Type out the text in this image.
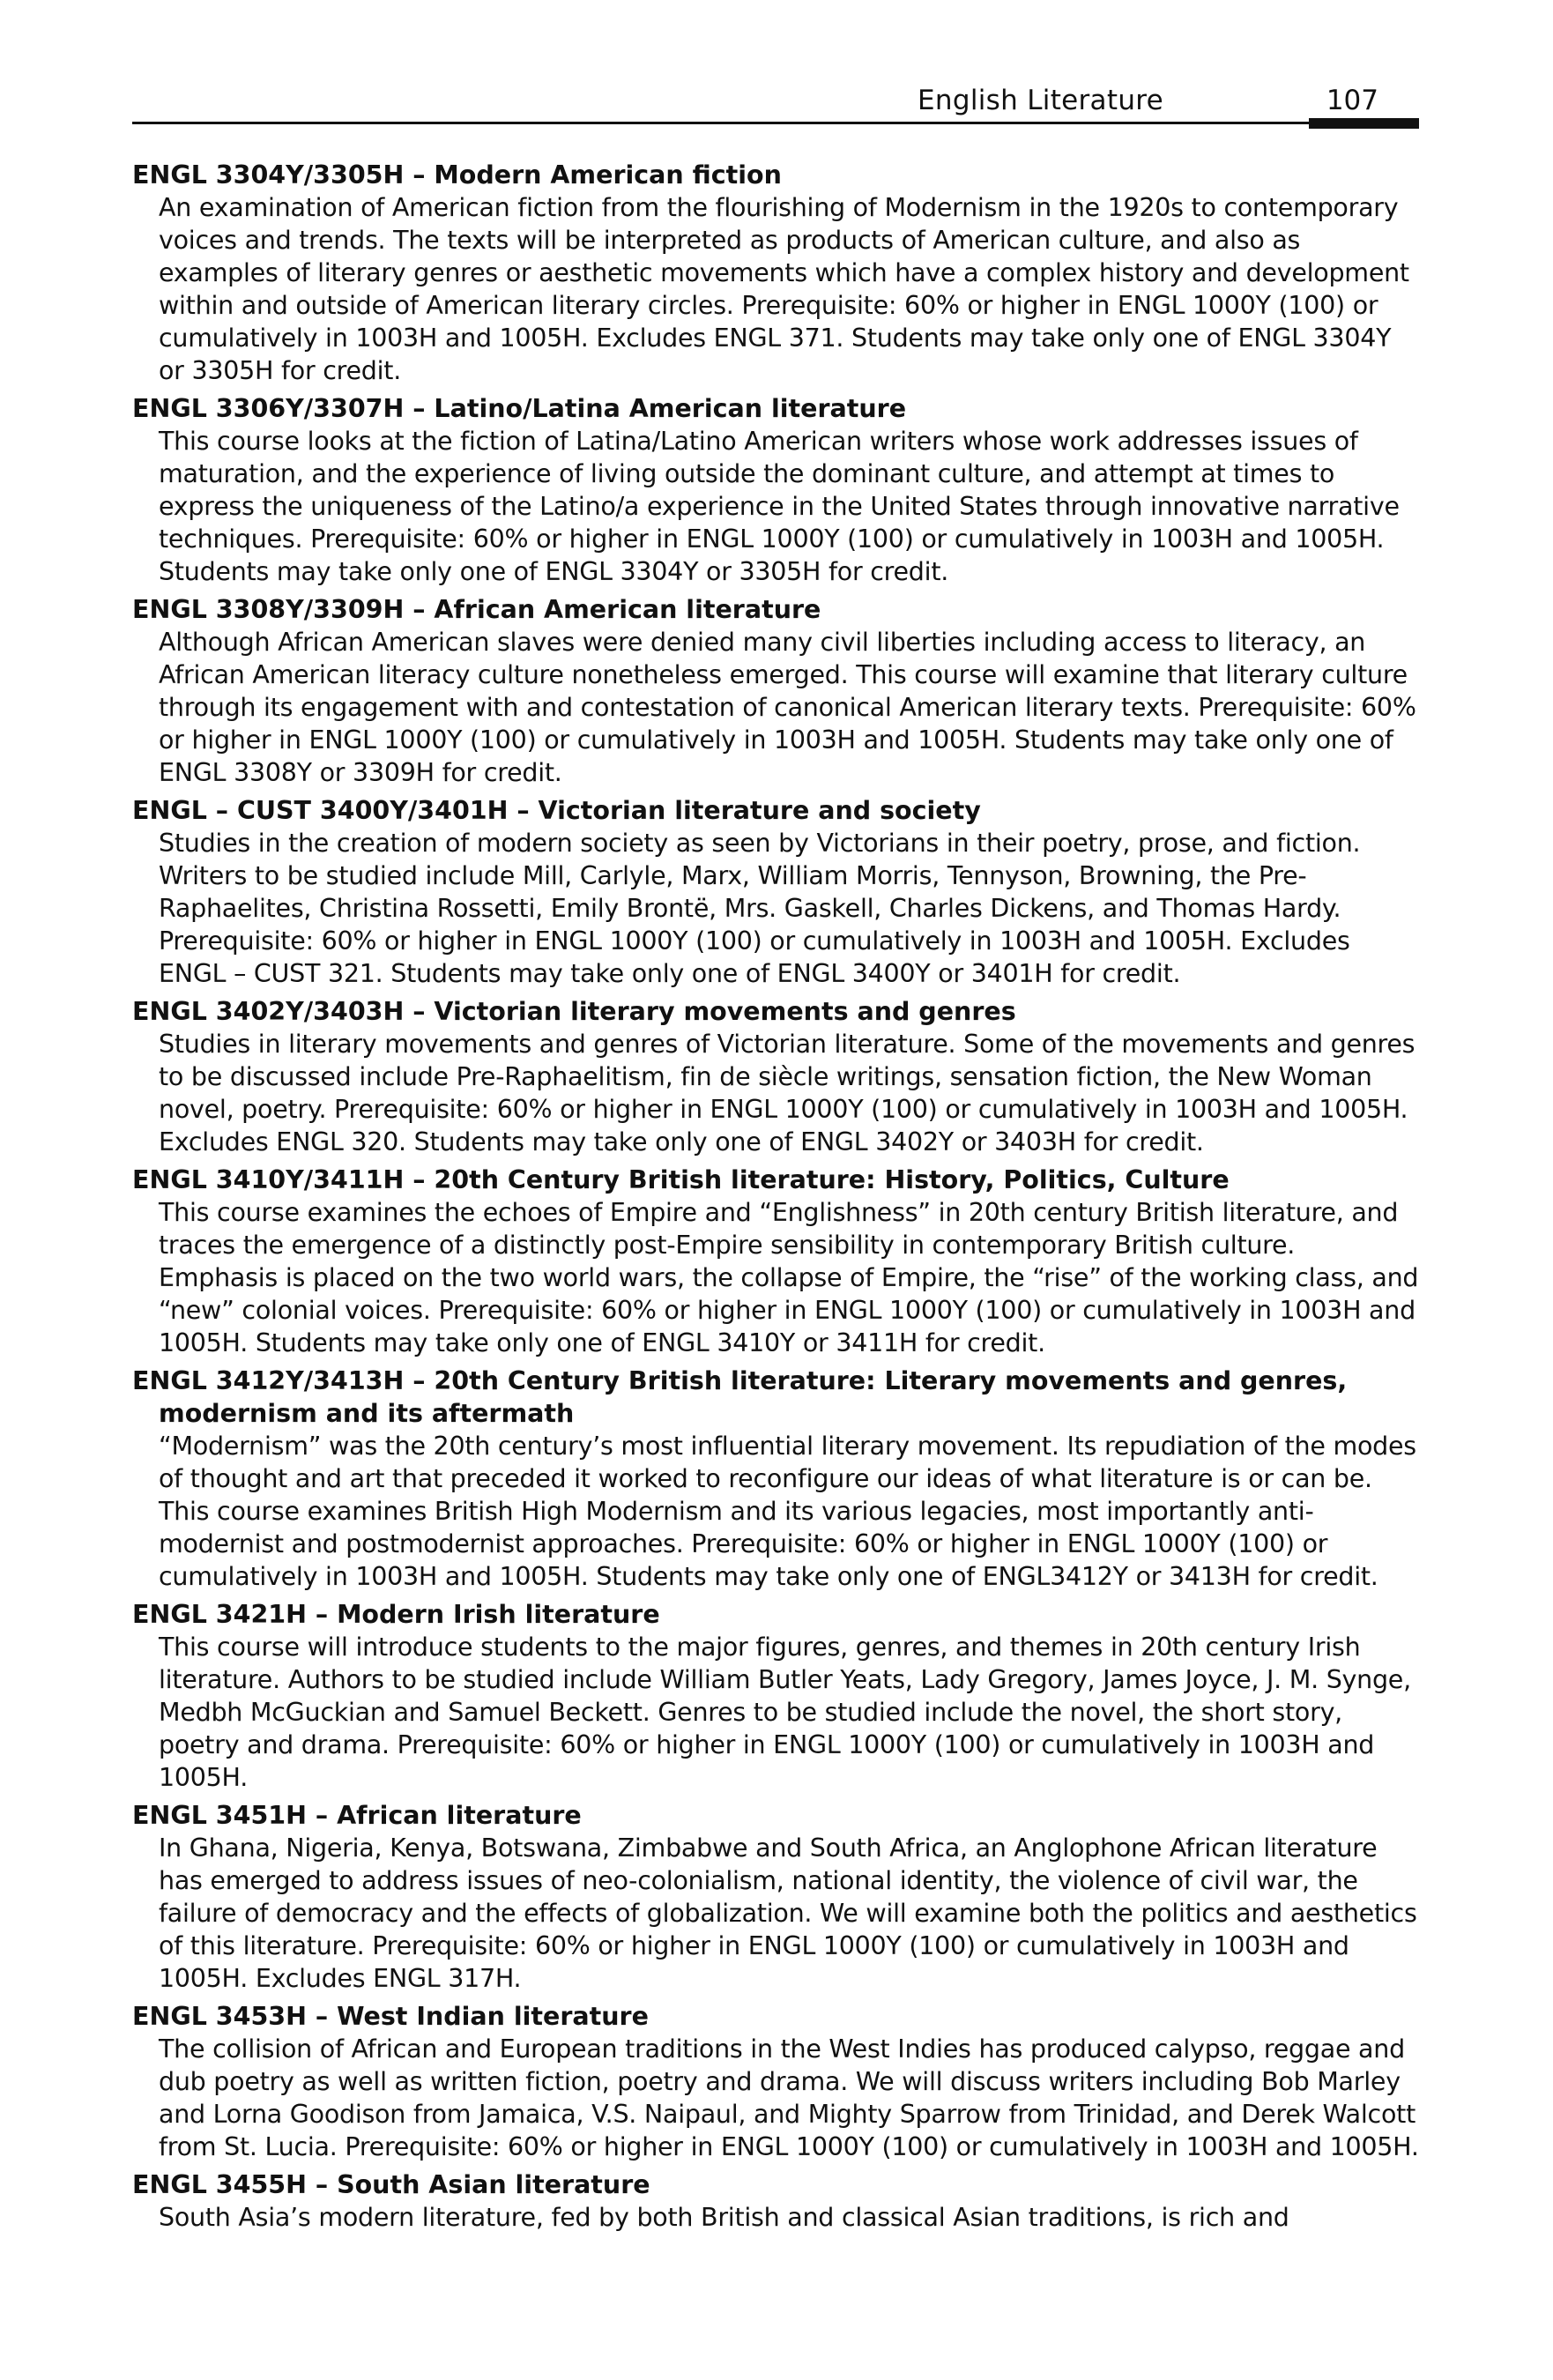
English Literature	107
ENGL 3304Y/3305H – Modern American fiction
An examination of American fiction from the flourishing of Modernism in the 1920s to contemporary voices and trends. The texts will be interpreted as products of American culture, and also as examples of literary genres or aesthetic movements which have a complex history and development within and outside of American literary circles. Prerequisite: 60% or higher in ENGL 1000Y (100) or cumulatively in 1003H and 1005H. Excludes ENGL 371. Students may take only one of ENGL 3304Y or 3305H for credit.
ENGL 3306Y/3307H – Latino/Latina American literature
This course looks at the fiction of Latina/Latino American writers whose work addresses issues of maturation, and the experience of living outside the dominant culture, and attempt at times to express the uniqueness of the Latino/a experience in the United States through innovative narrative techniques. Prerequisite: 60% or higher in ENGL 1000Y (100) or cumulatively in 1003H and 1005H. Students may take only one of ENGL 3304Y or 3305H for credit.
ENGL 3308Y/3309H – African American literature
Although African American slaves were denied many civil liberties including access to literacy, an African American literacy culture nonetheless emerged. This course will examine that literary culture through its engagement with and contestation of canonical American literary texts. Prerequisite: 60% or higher in ENGL 1000Y (100) or cumulatively in 1003H and 1005H. Students may take only one of ENGL 3308Y or 3309H for credit.
ENGL – CUST 3400Y/3401H – Victorian literature and society
Studies in the creation of modern society as seen by Victorians in their poetry, prose, and fiction. Writers to be studied include Mill, Carlyle, Marx, William Morris, Tennyson, Browning, the Pre-Raphaelites, Christina Rossetti, Emily Brontë, Mrs. Gaskell, Charles Dickens, and Thomas Hardy. Prerequisite: 60% or higher in ENGL 1000Y (100) or cumulatively in 1003H and 1005H. Excludes ENGL – CUST 321. Students may take only one of ENGL 3400Y or 3401H for credit.
ENGL 3402Y/3403H – Victorian literary movements and genres
Studies in literary movements and genres of Victorian literature. Some of the movements and genres to be discussed include Pre-Raphaelitism, fin de siècle writings, sensation fiction, the New Woman novel, poetry. Prerequisite: 60% or higher in ENGL 1000Y (100) or cumulatively in 1003H and 1005H. Excludes ENGL 320. Students may take only one of ENGL 3402Y or 3403H for credit.
ENGL 3410Y/3411H – 20th Century British literature: History, Politics, Culture
This course examines the echoes of Empire and “Englishness” in 20th century British literature, and traces the emergence of a distinctly post-Empire sensibility in contemporary British culture. Emphasis is placed on the two world wars, the collapse of Empire, the “rise” of the working class, and “new” colonial voices. Prerequisite: 60% or higher in ENGL 1000Y (100) or cumulatively in 1003H and 1005H. Students may take only one of ENGL 3410Y or 3411H for credit.
ENGL 3412Y/3413H – 20th Century British literature: Literary movements and genres, modernism and its aftermath
“Modernism” was the 20th century’s most influential literary movement. Its repudiation of the modes of thought and art that preceded it worked to reconfigure our ideas of what literature is or can be. This course examines British High Modernism and its various legacies, most importantly anti-modernist and postmodernist approaches. Prerequisite: 60% or higher in ENGL 1000Y (100) or cumulatively in 1003H and 1005H. Students may take only one of ENGL3412Y or 3413H for credit.
ENGL 3421H – Modern Irish literature
This course will introduce students to the major figures, genres, and themes in 20th century Irish literature. Authors to be studied include William Butler Yeats, Lady Gregory, James Joyce, J. M. Synge, Medbh McGuckian and Samuel Beckett. Genres to be studied include the novel, the short story, poetry and drama. Prerequisite: 60% or higher in ENGL 1000Y (100) or cumulatively in 1003H and 1005H.
ENGL 3451H – African literature
In Ghana, Nigeria, Kenya, Botswana, Zimbabwe and South Africa, an Anglophone African literature has emerged to address issues of neo-colonialism, national identity, the violence of civil war, the failure of democracy and the effects of globalization. We will examine both the politics and aesthetics of this literature. Prerequisite: 60% or higher in ENGL 1000Y (100) or cumulatively in 1003H and 1005H. Excludes ENGL 317H.
ENGL 3453H – West Indian literature
The collision of African and European traditions in the West Indies has produced calypso, reggae and dub poetry as well as written fiction, poetry and drama. We will discuss writers including Bob Marley and Lorna Goodison from Jamaica, V.S. Naipaul, and Mighty Sparrow from Trinidad, and Derek Walcott from St. Lucia. Prerequisite: 60% or higher in ENGL 1000Y (100) or cumulatively in 1003H and 1005H.
ENGL 3455H – South Asian literature
South Asia’s modern literature, fed by both British and classical Asian traditions, is rich and
